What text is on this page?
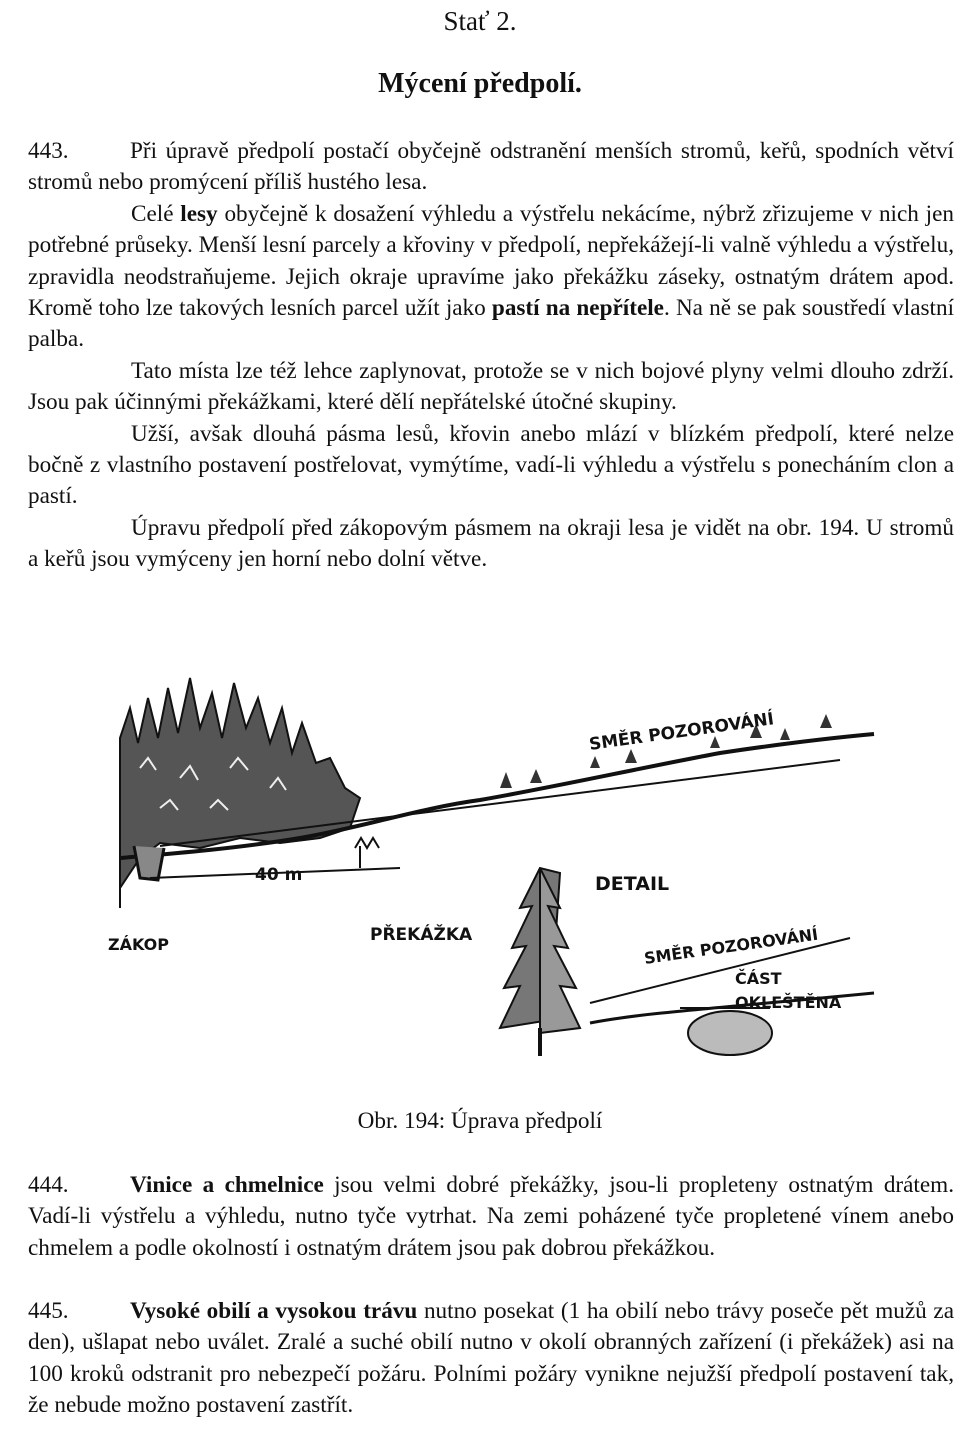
Stať 2.
Mýcení předpolí.
443.	Při úpravě předpolí postačí obyčejně odstranění menších stromů, keřů, spodních větví stromů nebo promýcení příliš hustého lesa.
Celé lesy obyčejně k dosažení výhledu a výstřelu nekácíme, nýbrž zřizujeme v nich jen potřebné průseky. Menší lesní parcely a křoviny v předpolí, nepřekážejí-li valně výhledu a výstřelu, zpravidla neodstraňujeme. Jejich okraje upravíme jako překážku záseky, ostnatým drátem apod. Kromě toho lze takových lesních parcel užít jako pastí na nepřítele. Na ně se pak soustředí vlastní palba.
Tato místa lze též lehce zaplynovat, protože se v nich bojové plyny velmi dlouho zdrží. Jsou pak účinnými překážkami, které dělí nepřátelské útočné skupiny.
Užší, avšak dlouhá pásma lesů, křovin anebo mlází v blízkém předpolí, které nelze bočně z vlastního postavení postřelovat, vymýtíme, vadí-li výhledu a výstřelu s ponecháním clon a pastí.
Úpravu předpolí před zákopovým pásmem na okraji lesa je vidět na obr. 194. U stromů a keřů jsou vymýceny jen horní nebo dolní větve.
SMĚR POZOROVÁNÍ
40 m	DETAIL
ZÁKOP	PŘEKÁŽKA	SMĚR POZOROVÁNÍ
ČÁST
OKLEŠTĚNA
Obr. 194: Úprava předpolí
444.	Vinice a chmelnice jsou velmi dobré překážky, jsou-li propleteny ostnatým drátem. Vadí-li výstřelu a výhledu, nutno tyče vytrhat. Na zemi poházené tyče propletené vínem anebo chmelem a podle okolností i ostnatým drátem jsou pak dobrou překážkou.
445.	Vysoké obilí a vysokou trávu nutno posekat (1 ha obilí nebo trávy poseče pět mužů za den), ušlapat nebo uválet. Zralé a suché obilí nutno v okolí obranných zařízení (i překážek) asi na 100 kroků odstranit pro nebezpečí požáru. Polními požáry vynikne nejužší předpolí postavení tak, že nebude možno postavení zastřít.
